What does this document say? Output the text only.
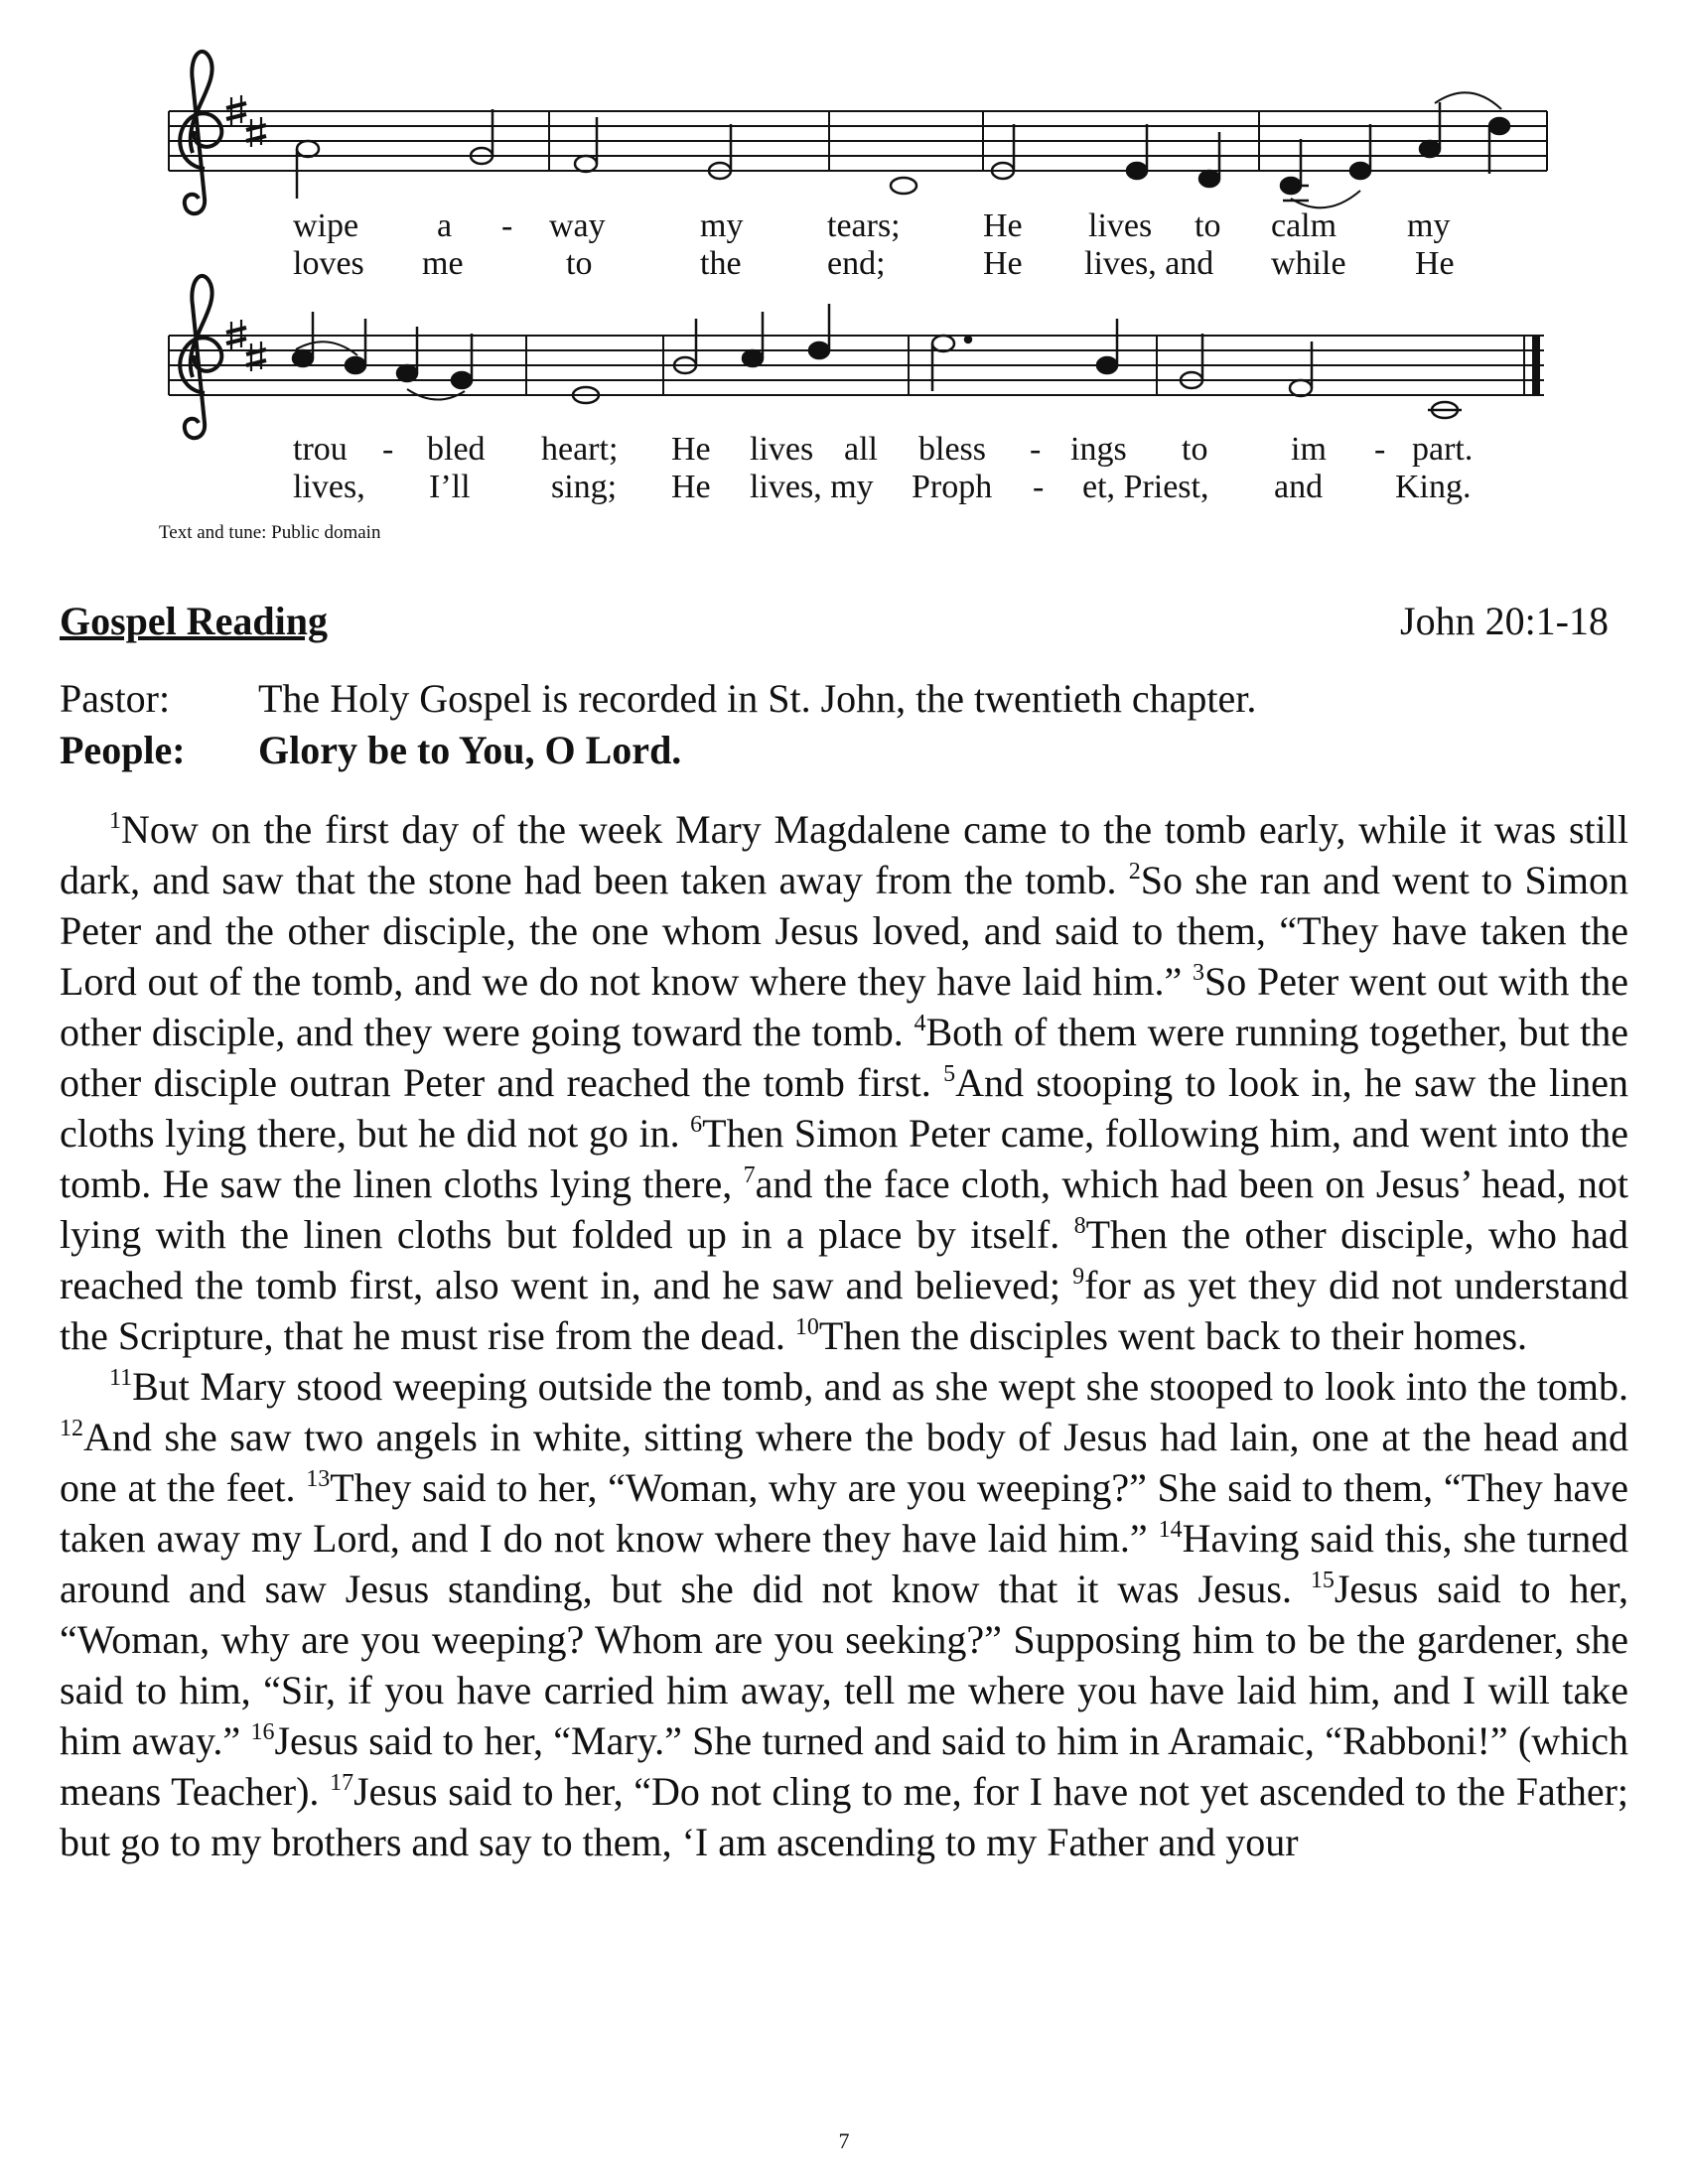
wipe a - way	my tears; He lives to calm my
loves me	to	the	end;	He lives, and while He
trou - bled heart; He lives all bless - ings to im - part.
lives, I’ll sing; He lives, my Proph - et, Priest, and King.
Text and tune: Public domain
Gospel Reading	John 20:1-18
Pastor:	The Holy Gospel is recorded in St. John, the twentieth chapter.
People:	Glory be to You, O Lord.

$^1$Now on the first day of the week Mary Magdalene came to the tomb early, while it was still dark, and saw that the stone had been taken away from the tomb. $^2$So she ran and went to Simon Peter and the other disciple, the one whom Jesus loved, and said to them, “They have taken the Lord out of the tomb, and we do not know where they have laid him.” $^3$So Peter went out with the other disciple, and they were going toward the tomb. $^4$Both of them were running together, but the other disciple outran Peter and reached the tomb first. $^5$And stooping to look in, he saw the linen cloths lying there, but he did not go in. $^6$Then Simon Peter came, following him, and went into the tomb. He saw the linen cloths lying there, $^7$and the face cloth, which had been on Jesus’ head, not lying with the linen cloths but folded up in a place by itself. $^8$Then the other disciple, who had reached the tomb first, also went in, and he saw and believed; $^9$for as yet they did not understand the Scripture, that he must rise from the dead. $^{10}$Then the disciples went back to their homes.

$^{11}$But Mary stood weeping outside the tomb, and as she wept she stooped to look into the tomb. $^{12}$And she saw two angels in white, sitting where the body of Jesus had lain, one at the head and one at the feet. $^{13}$They said to her, “Woman, why are you weeping?” She said to them, “They have taken away my Lord, and I do not know where they have laid him.” $^{14}$Having said this, she turned around and saw Jesus standing, but she did not know that it was Jesus. $^{15}$Jesus said to her, “Woman, why are you weeping? Whom are you seeking?” Supposing him to be the gardener, she said to him, “Sir, if you have carried him away, tell me where you have laid him, and I will take him away.” $^{16}$Jesus said to her, “Mary.” She turned and said to him in Aramaic, “Rabboni!” (which means Teacher). $^{17}$Jesus said to her, “Do not cling to me, for I have not yet ascended to the Father; but go to my brothers and say to them, ‘I am ascending to my Father and your

7
